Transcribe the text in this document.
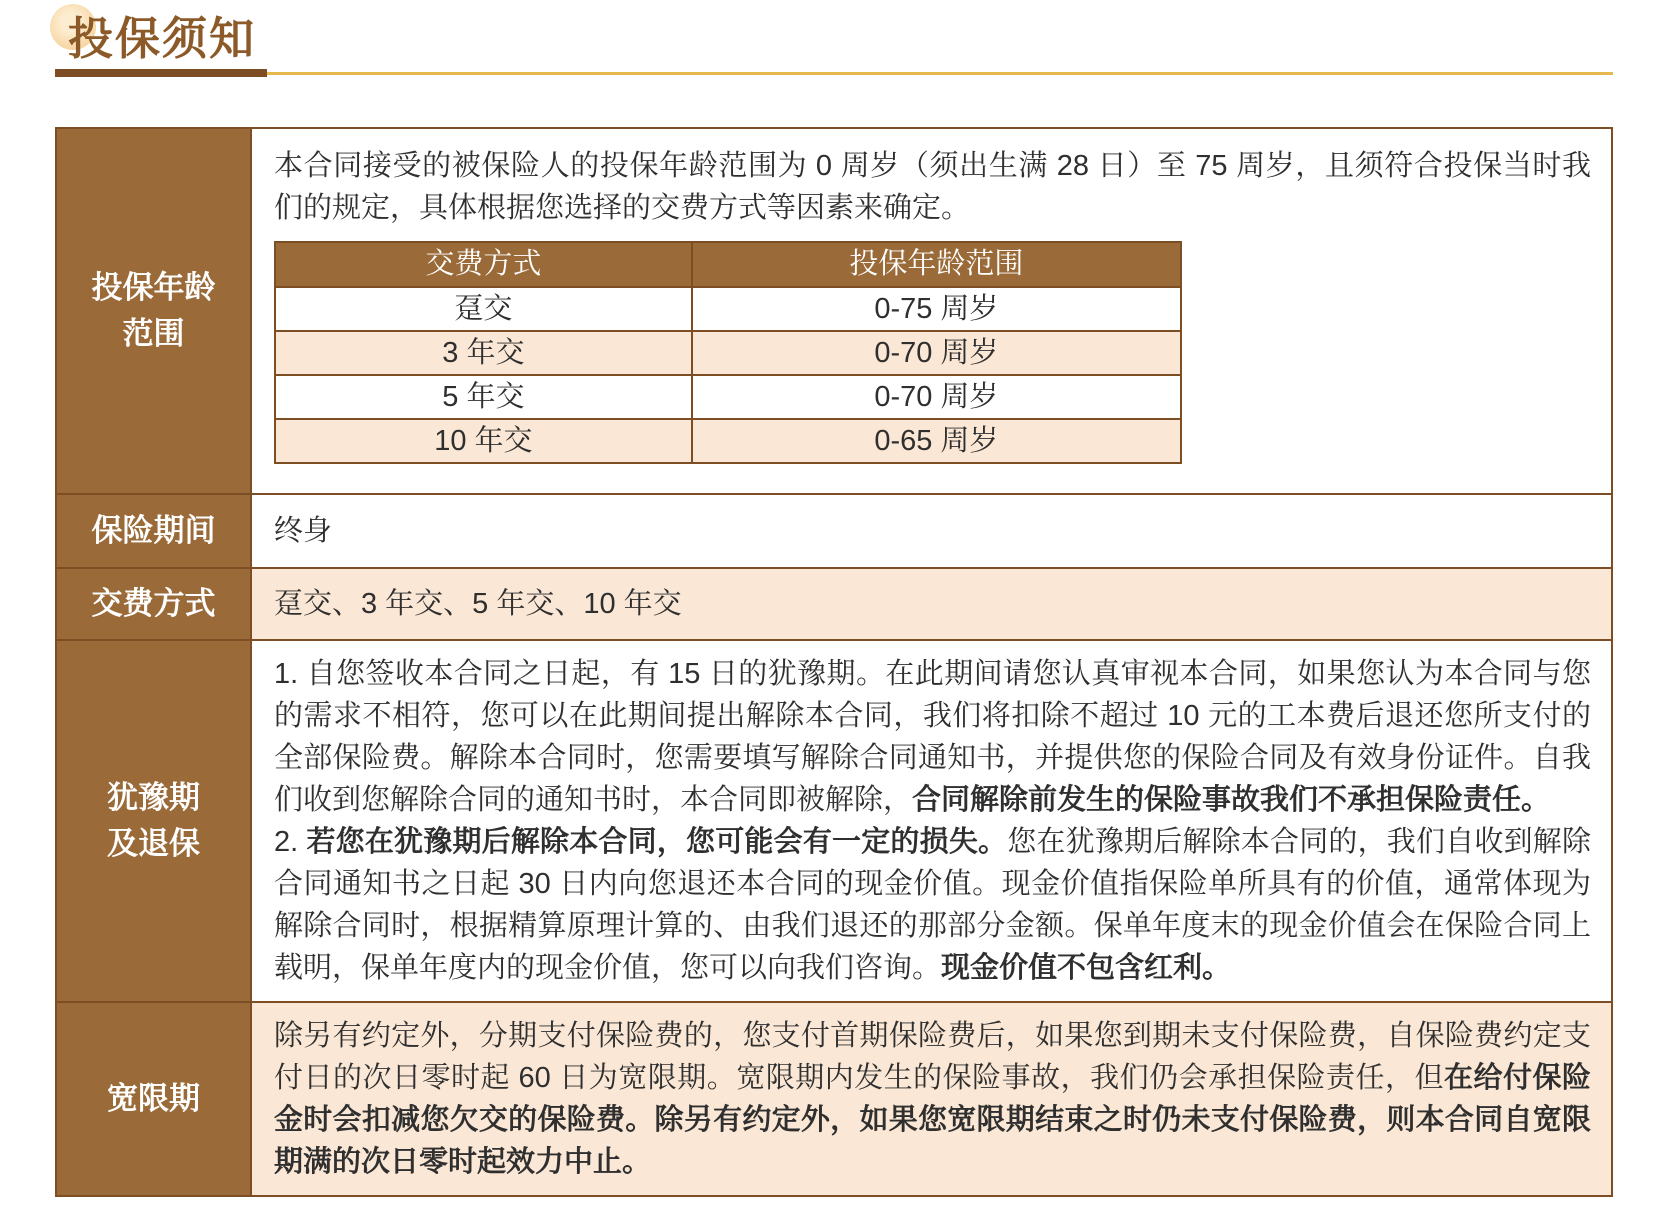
投保须知
投保年龄
范围

本合同接受的被保险人的投保年龄范围为 0 周岁（须出生满 28 日）至 75 周岁，且须符合投保当时我们的规定，具体根据您选择的交费方式等因素来确定。

交费方式	投保年龄范围
趸交	0-75 周岁
3 年交	0-70 周岁
5 年交	0-70 周岁
10 年交	0-65 周岁
保险期间 终身

交费方式 趸交、3 年交、5 年交、10 年交

犹豫期
及退保

1. 自您签收本合同之日起，有 15 日的犹豫期。在此期间请您认真审视本合同，如果您认为本合同与您的需求不相符，您可以在此期间提出解除本合同，我们将扣除不超过 10 元的工本费后退还您所支付的全部保险费。解除本合同时，您需要填写解除合同通知书，并提供您的保险合同及有效身份证件。自我们收到您解除合同的通知书时，本合同即被解除，合同解除前发生的保险事故我们不承担保险责任。

2. 若您在犹豫期后解除本合同，您可能会有一定的损失。您在犹豫期后解除本合同的，我们自收到解除合同通知书之日起 30 日内向您退还本合同的现金价值。现金价值指保险单所具有的价值，通常体现为解除合同时，根据精算原理计算的、由我们退还的那部分金额。保单年度末的现金价值会在保险合同上载明，保单年度内的现金价值，您可以向我们咨询。现金价值不包含红利。

宽限期

除另有约定外，分期支付保险费的，您支付首期保险费后，如果您到期未支付保险费，自保险费约定支付日的次日零时起 60 日为宽限期。宽限期内发生的保险事故，我们仍会承担保险责任，但在给付保险金时会扣减您欠交的保险费。除另有约定外，如果您宽限期结束之时仍未支付保险费，则本合同自宽限期满的次日零时起效力中止。
